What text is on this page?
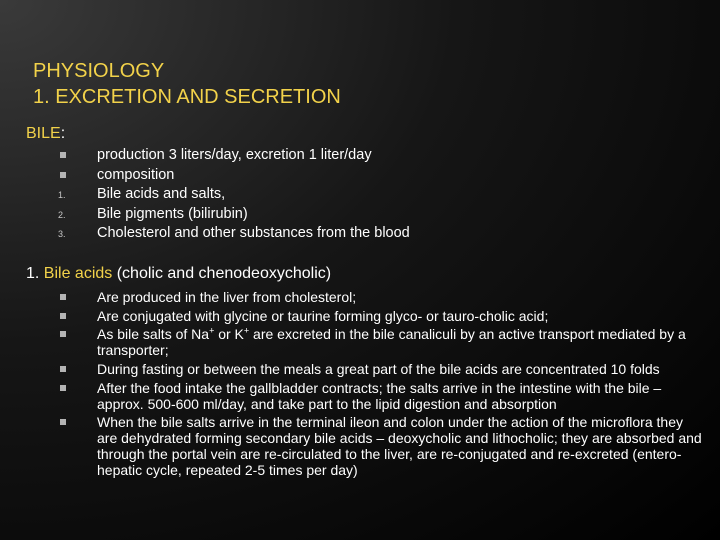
PHYSIOLOGY
1. EXCRETION AND SECRETION
BILE:
production 3 liters/day, excretion 1 liter/day
composition
1. Bile acids and salts,
2. Bile pigments (bilirubin)
3. Cholesterol and other substances from the blood
1. Bile acids (cholic and chenodeoxycholic)
Are produced in the liver from cholesterol;
Are conjugated with glycine or taurine forming glyco- or tauro-cholic acid;
As bile salts of Na+ or K+ are excreted in the bile canaliculi by an active transport mediated by a transporter;
During fasting or between the meals a great part of the bile acids are concentrated 10 folds
After the food intake the gallbladder contracts; the salts arrive in the intestine with the bile – approx. 500-600 ml/day, and take part to the lipid digestion and absorption
When the bile salts arrive in the terminal ileon and colon under the action of the microflora they are dehydrated forming secondary bile acids – deoxycholic and lithocholic; they are absorbed and through the portal vein are re-circulated to the liver, are re-conjugated and re-excreted (entero-hepatic cycle, repeated 2-5 times per day)
